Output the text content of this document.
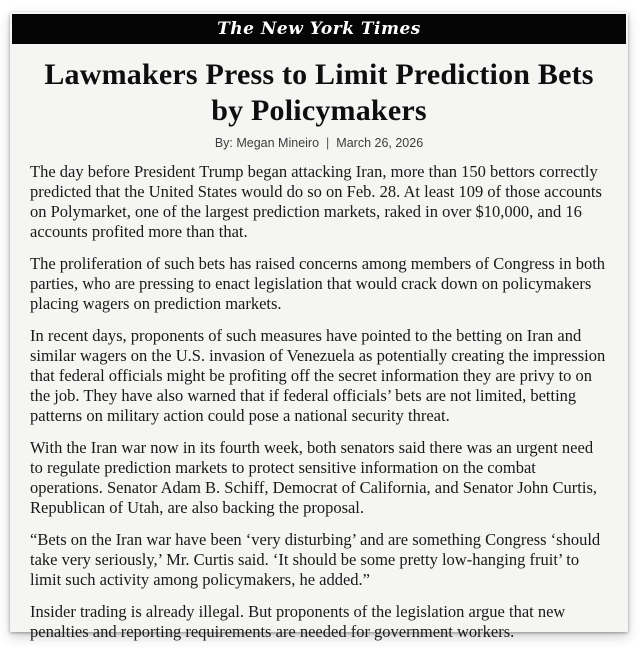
The New York Times
Lawmakers Press to Limit Prediction Bets by Policymakers
By: Megan Mineiro | March 26, 2026

The day before President Trump began attacking Iran, more than 150 bettors correctly predicted that the United States would do so on Feb. 28. At least 109 of those accounts on Polymarket, one of the largest prediction markets, raked in over $10,000, and 16 accounts profited more than that.

The proliferation of such bets has raised concerns among members of Congress in both parties, who are pressing to enact legislation that would crack down on policymakers placing wagers on prediction markets.

In recent days, proponents of such measures have pointed to the betting on Iran and similar wagers on the U.S. invasion of Venezuela as potentially creating the impression that federal officials might be profiting off the secret information they are privy to on the job. They have also warned that if federal officials’ bets are not limited, betting patterns on military action could pose a national security threat.

With the Iran war now in its fourth week, both senators said there was an urgent need to regulate prediction markets to protect sensitive information on the combat operations. Senator Adam B. Schiff, Democrat of California, and Senator John Curtis, Republican of Utah, are also backing the proposal.

“Bets on the Iran war have been ‘very disturbing’ and are something Congress ‘should take very seriously,’ Mr. Curtis said. ‘It should be some pretty low-hanging fruit’ to limit such activity among policymakers, he added.”

Insider trading is already illegal. But proponents of the legislation argue that new penalties and reporting requirements are needed for government workers.
